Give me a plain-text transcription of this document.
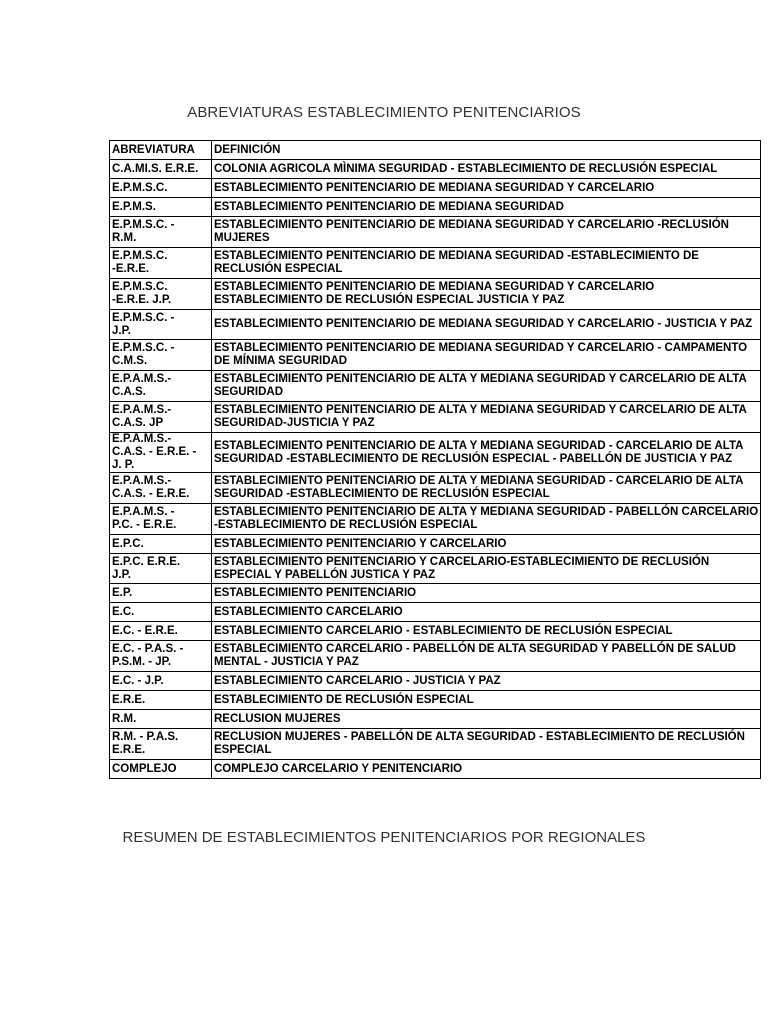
ABREVIATURAS ESTABLECIMIENTO PENITENCIARIOS
ABREVIATURA	DEFINICIÓN

C.A.MI.S. E.R.E.	COLONIA AGRICOLA MÌNIMA SEGURIDAD - ESTABLECIMIENTO DE RECLUSIÓN ESPECIAL

E.P.M.S.C.	ESTABLECIMIENTO PENITENCIARIO DE MEDIANA SEGURIDAD Y CARCELARIO

E.P.M.S.	ESTABLECIMIENTO PENITENCIARIO DE MEDIANA SEGURIDAD

E.P.M.S.C. -
R.M.	ESTABLECIMIENTO PENITENCIARIO DE MEDIANA SEGURIDAD Y CARCELARIO -RECLUSIÓN
MUJERES

E.P.M.S.C.
-E.R.E.	ESTABLECIMIENTO PENITENCIARIO DE MEDIANA SEGURIDAD -ESTABLECIMIENTO DE
RECLUSIÓN ESPECIAL

E.P.M.S.C.
-E.R.E. J.P.	ESTABLECIMIENTO PENITENCIARIO DE MEDIANA SEGURIDAD Y CARCELARIO
ESTABLECIMIENTO DE RECLUSIÓN ESPECIAL JUSTICIA Y PAZ

E.P.M.S.C. -
J.P.	ESTABLECIMIENTO PENITENCIARIO DE MEDIANA SEGURIDAD Y CARCELARIO - JUSTICIA Y PAZ

E.P.M.S.C. -
C.M.S.	ESTABLECIMIENTO PENITENCIARIO DE MEDIANA SEGURIDAD Y CARCELARIO - CAMPAMENTO
DE MÍNIMA SEGURIDAD

E.P.A.M.S.-
C.A.S.	ESTABLECIMIENTO PENITENCIARIO DE ALTA Y MEDIANA SEGURIDAD Y CARCELARIO DE ALTA
SEGURIDAD

E.P.A.M.S.-
C.A.S. JP	ESTABLECIMIENTO PENITENCIARIO DE ALTA Y MEDIANA SEGURIDAD Y CARCELARIO DE ALTA
SEGURIDAD-JUSTICIA Y PAZ

E.P.A.M.S.-
C.A.S. - E.R.E. -
J. P.	ESTABLECIMIENTO PENITENCIARIO DE ALTA Y MEDIANA SEGURIDAD - CARCELARIO DE ALTA
SEGURIDAD -ESTABLECIMIENTO DE RECLUSIÓN ESPECIAL - PABELLÓN DE JUSTICIA Y PAZ

E.P.A.M.S.-
C.A.S. - E.R.E.	ESTABLECIMIENTO PENITENCIARIO DE ALTA Y MEDIANA SEGURIDAD - CARCELARIO DE ALTA
SEGURIDAD -ESTABLECIMIENTO DE RECLUSIÓN ESPECIAL

E.P.A.M.S. -
P.C. - E.R.E.	ESTABLECIMIENTO PENITENCIARIO DE ALTA Y MEDIANA SEGURIDAD - PABELLÓN CARCELARIO
-ESTABLECIMIENTO DE RECLUSIÓN ESPECIAL

E.P.C.	ESTABLECIMIENTO PENITENCIARIO Y CARCELARIO

E.P.C. E.R.E.
J.P.	ESTABLECIMIENTO PENITENCIARIO Y CARCELARIO-ESTABLECIMIENTO DE RECLUSIÓN
ESPECIAL Y PABELLÓN JUSTICA Y PAZ

E.P.	ESTABLECIMIENTO PENITENCIARIO

E.C.	ESTABLECIMIENTO CARCELARIO

E.C. - E.R.E.	ESTABLECIMIENTO CARCELARIO - ESTABLECIMIENTO DE RECLUSIÓN ESPECIAL

E.C. - P.A.S. -
P.S.M. - JP.	ESTABLECIMIENTO CARCELARIO - PABELLÓN DE ALTA SEGURIDAD Y PABELLÓN DE SALUD
MENTAL - JUSTICIA Y PAZ

E.C. - J.P.	ESTABLECIMIENTO CARCELARIO - JUSTICIA Y PAZ

E.R.E.	ESTABLECIMIENTO DE RECLUSIÓN ESPECIAL

R.M.	RECLUSION MUJERES

R.M. - P.A.S.
E.R.E.	RECLUSION MUJERES - PABELLÓN DE ALTA SEGURIDAD - ESTABLECIMIENTO DE RECLUSIÓN
ESPECIAL

COMPLEJO	COMPLEJO CARCELARIO Y PENITENCIARIO
RESUMEN DE ESTABLECIMIENTOS PENITENCIARIOS POR REGIONALES
